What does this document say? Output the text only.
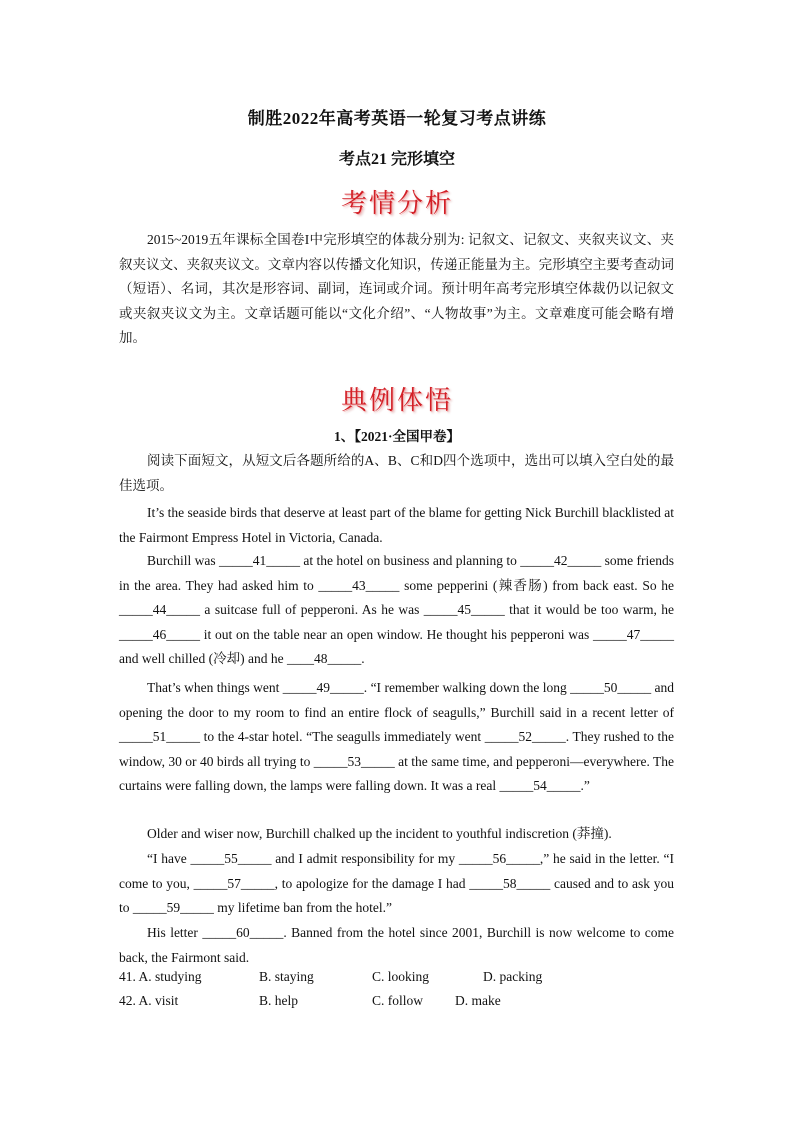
制胜2022年高考英语一轮复习考点讲练
考点21 完形填空
考情分析
2015~2019五年课标全国卷I中完形填空的体裁分别为: 记叙文、记叙文、夹叙夹议文、夹叙夹议文、夹叙夹议文。文章内容以传播文化知识，传递正能量为主。完形填空主要考查动词（短语）、名词，其次是形容词、副词，连词或介词。预计明年高考完形填空体裁仍以记叙文或夹叙夹议文为主。文章话题可能以“文化介绍”、“人物故事”为主。文章难度可能会略有增加。
典例体悟
1、【2021·全国甲卷】
阅读下面短文，从短文后各题所给的A、B、C和D四个选项中，选出可以填入空白处的最佳选项。
It’s the seaside birds that deserve at least part of the blame for getting Nick Burchill blacklisted at the Fairmont Empress Hotel in Victoria, Canada.
Burchill was _____41_____ at the hotel on business and planning to _____42_____ some friends in the area. They had asked him to _____43_____ some pepperini (辣香肠) from back east. So he _____44_____ a suitcase full of pepperoni. As he was _____45_____ that it would be too warm, he _____46_____ it out on the table near an open window. He thought his pepperoni was _____47_____ and well chilled (冷却) and he ____48_____.
That’s when things went _____49_____. “I remember walking down the long _____50_____ and opening the door to my room to find an entire flock of seagulls,” Burchill said in a recent letter of _____51_____ to the 4-star hotel. “The seagulls immediately went _____52_____. They rushed to the window, 30 or 40 birds all trying to _____53_____ at the same time, and pepperoni—everywhere. The curtains were falling down, the lamps were falling down. It was a real _____54_____.”
Older and wiser now, Burchill chalked up the incident to youthful indiscretion (莽撞).
“I have _____55_____ and I admit responsibility for my _____56_____,” he said in the letter. “I come to you, _____57_____, to apologize for the damage I had _____58_____ caused and to ask you to _____59_____ my lifetime ban from the hotel.”
His letter _____60_____. Banned from the hotel since 2001, Burchill is now welcome to come back, the Fairmont said.
41. A. studying	B. staying	C. looking	D. packing
42. A. visit	B. help	C. follow D. make
